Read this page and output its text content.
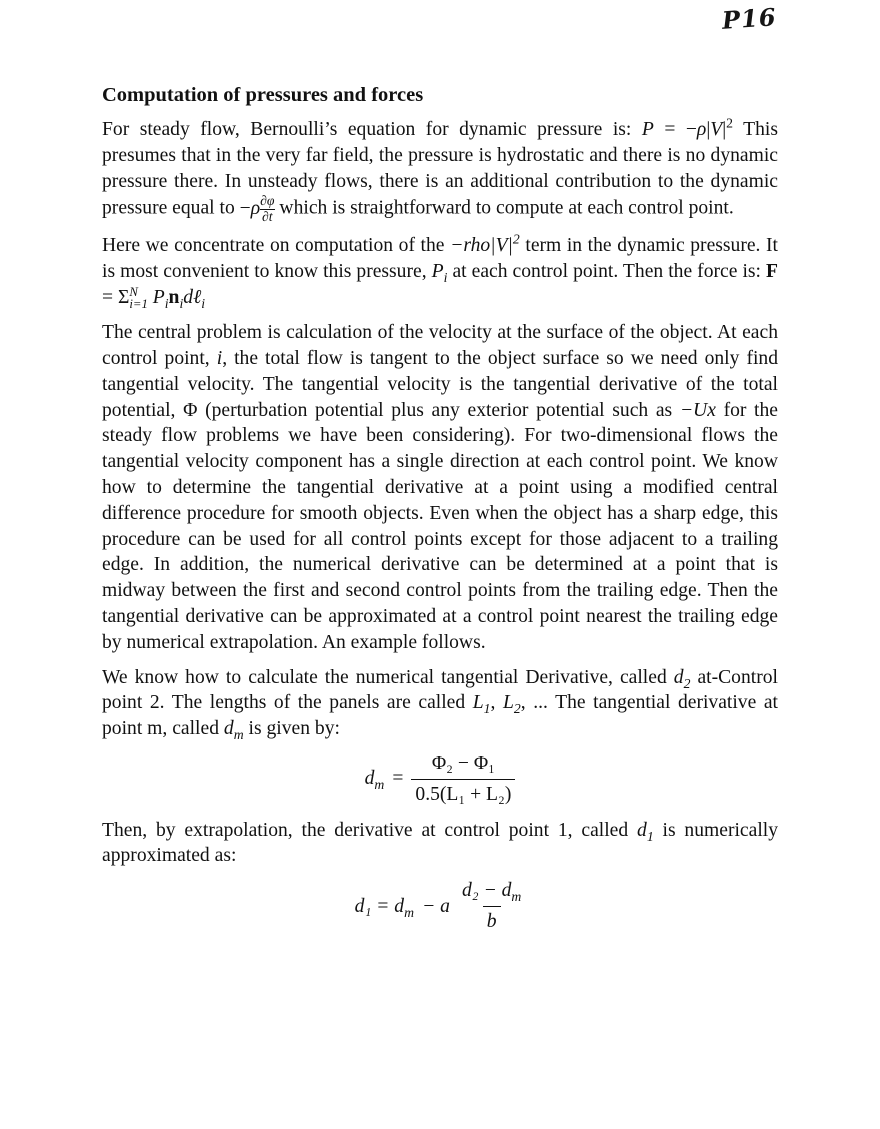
P16
Computation of pressures and forces

For steady flow, Bernoulli’s equation for dynamic pressure is: $P = -\rho|V|^2$ This presumes that in the very far field, the pressure is hydrostatic and there is no dynamic pressure there. In unsteady flows, there is an additional contribution to the dynamic pressure equal to $-\rho \frac{\partial\varphi}{\partial t}$ which is straightforward to compute at each control point.

Here we concentrate on computation of the $-rho|V|^2$ term in the dynamic pressure. It is most convenient to know this pressure, $P_i$ at each control point. Then the force is: F = Σ N
i=1 $P_in_id\ell_i$

The central problem is calculation of the velocity at the surface of the object. At each control point, i, the total flow is tangent to the object surface so we need only find tangential velocity. The tangential velocity is the tangential derivative of the total potential, Φ (perturbation potential plus any exterior potential such as −Ux for the steady flow problems we have been considering). For two-dimensional flows the tangential velocity component has a single direction at each control point. We know how to determine the tangential derivative at a point using a modified central difference procedure for smooth objects. Even when the object has a sharp edge, this procedure can be used for all control points except for those adjacent to a trailing edge. In addition, the numerical derivative can be determined at a point that is midway between the first and second control points from the trailing edge. Then the tangential derivative can be approximated at a control point nearest the trailing edge by numerical extrapolation. An example follows.

We know how to calculate the numerical tangential Derivative, called $d_2$ at-Control point 2. The lengths of the panels are called $L_1$, $L_2$, ... The tangential derivative at point m, called $d_m$ is given by:

$d_m = \frac{\text{Φ₂ − Φ₁}}{\text{0.5(L₁ + L₂)}}$

Then, by extrapolation, the derivative at control point 1, called $d_1$ is numerically approximated as:

$d_1 = d_m - a \frac{d_2 - d_m}{b}$
